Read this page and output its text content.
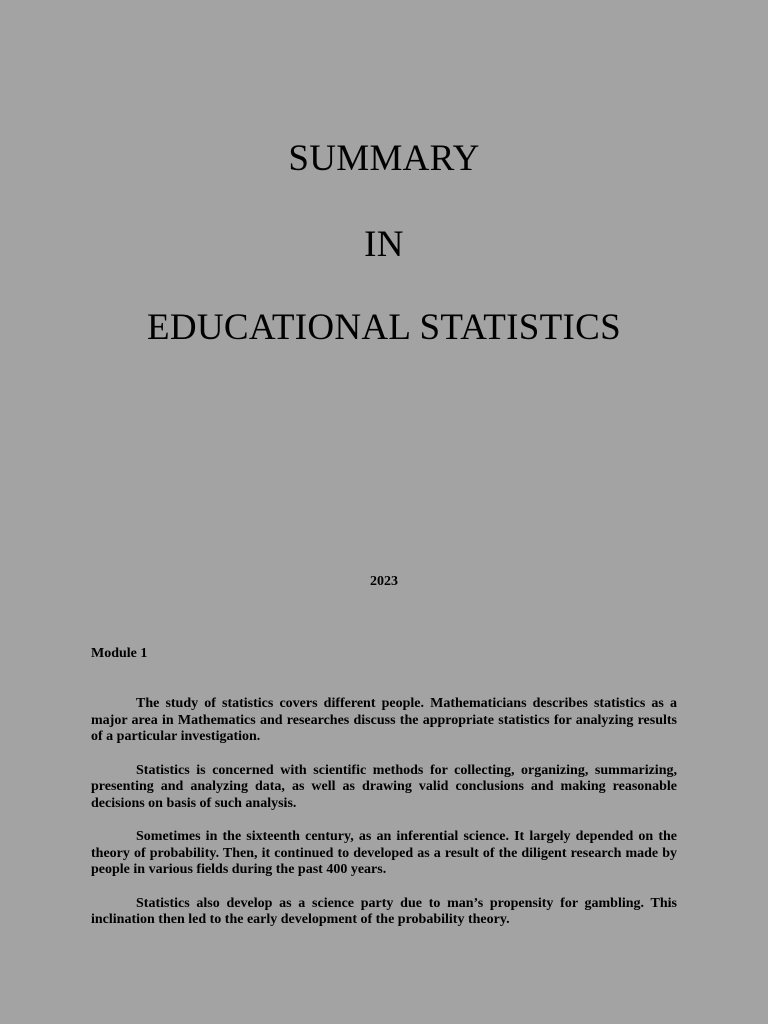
SUMMARY
IN
EDUCATIONAL STATISTICS
2023
Module 1

The study of statistics covers different people. Mathematicians describes statistics as a major area in Mathematics and researches discuss the appropriate statistics for analyzing results of a particular investigation.

Statistics is concerned with scientific methods for collecting, organizing, summarizing, presenting and analyzing data, as well as drawing valid conclusions and making reasonable decisions on basis of such analysis.

Sometimes in the sixteenth century, as an inferential science. It largely depended on the theory of probability. Then, it continued to developed as a result of the diligent research made by people in various fields during the past 400 years.

Statistics also develop as a science party due to man’s propensity for gambling. This inclination then led to the early development of the probability theory.
